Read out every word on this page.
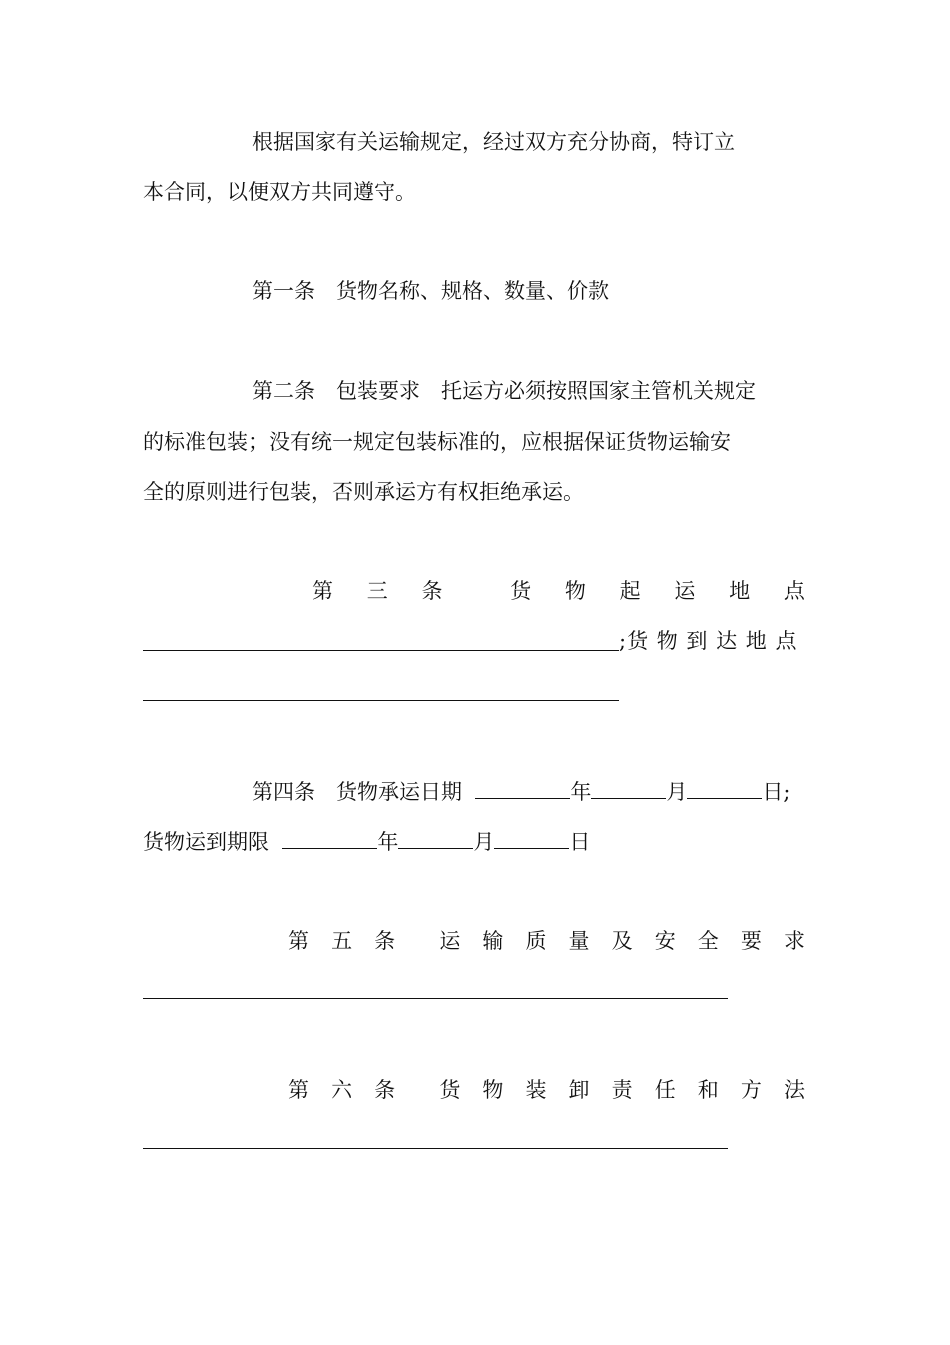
根据国家有关运输规定，经过双方充分协商，特订立
本合同，以便双方共同遵守。
第一条　货物名称、规格、数量、价款
第二条　包装要求　托运方必须按照国家主管机关规定
的标准包装；没有统一规定包装标准的，应根据保证货物运输安
全的原则进行包装，否则承运方有权拒绝承运。
第 三 条	货 物 起 运 地 点
;货 物 到 达 地 点
第四条　货物承运日期	年	月	日;
货物运到期限	年	月	日
第 五 条 运 输 质 量 及 安 全 要 求
第 六 条 货 物 装 卸 责 任 和 方 法
